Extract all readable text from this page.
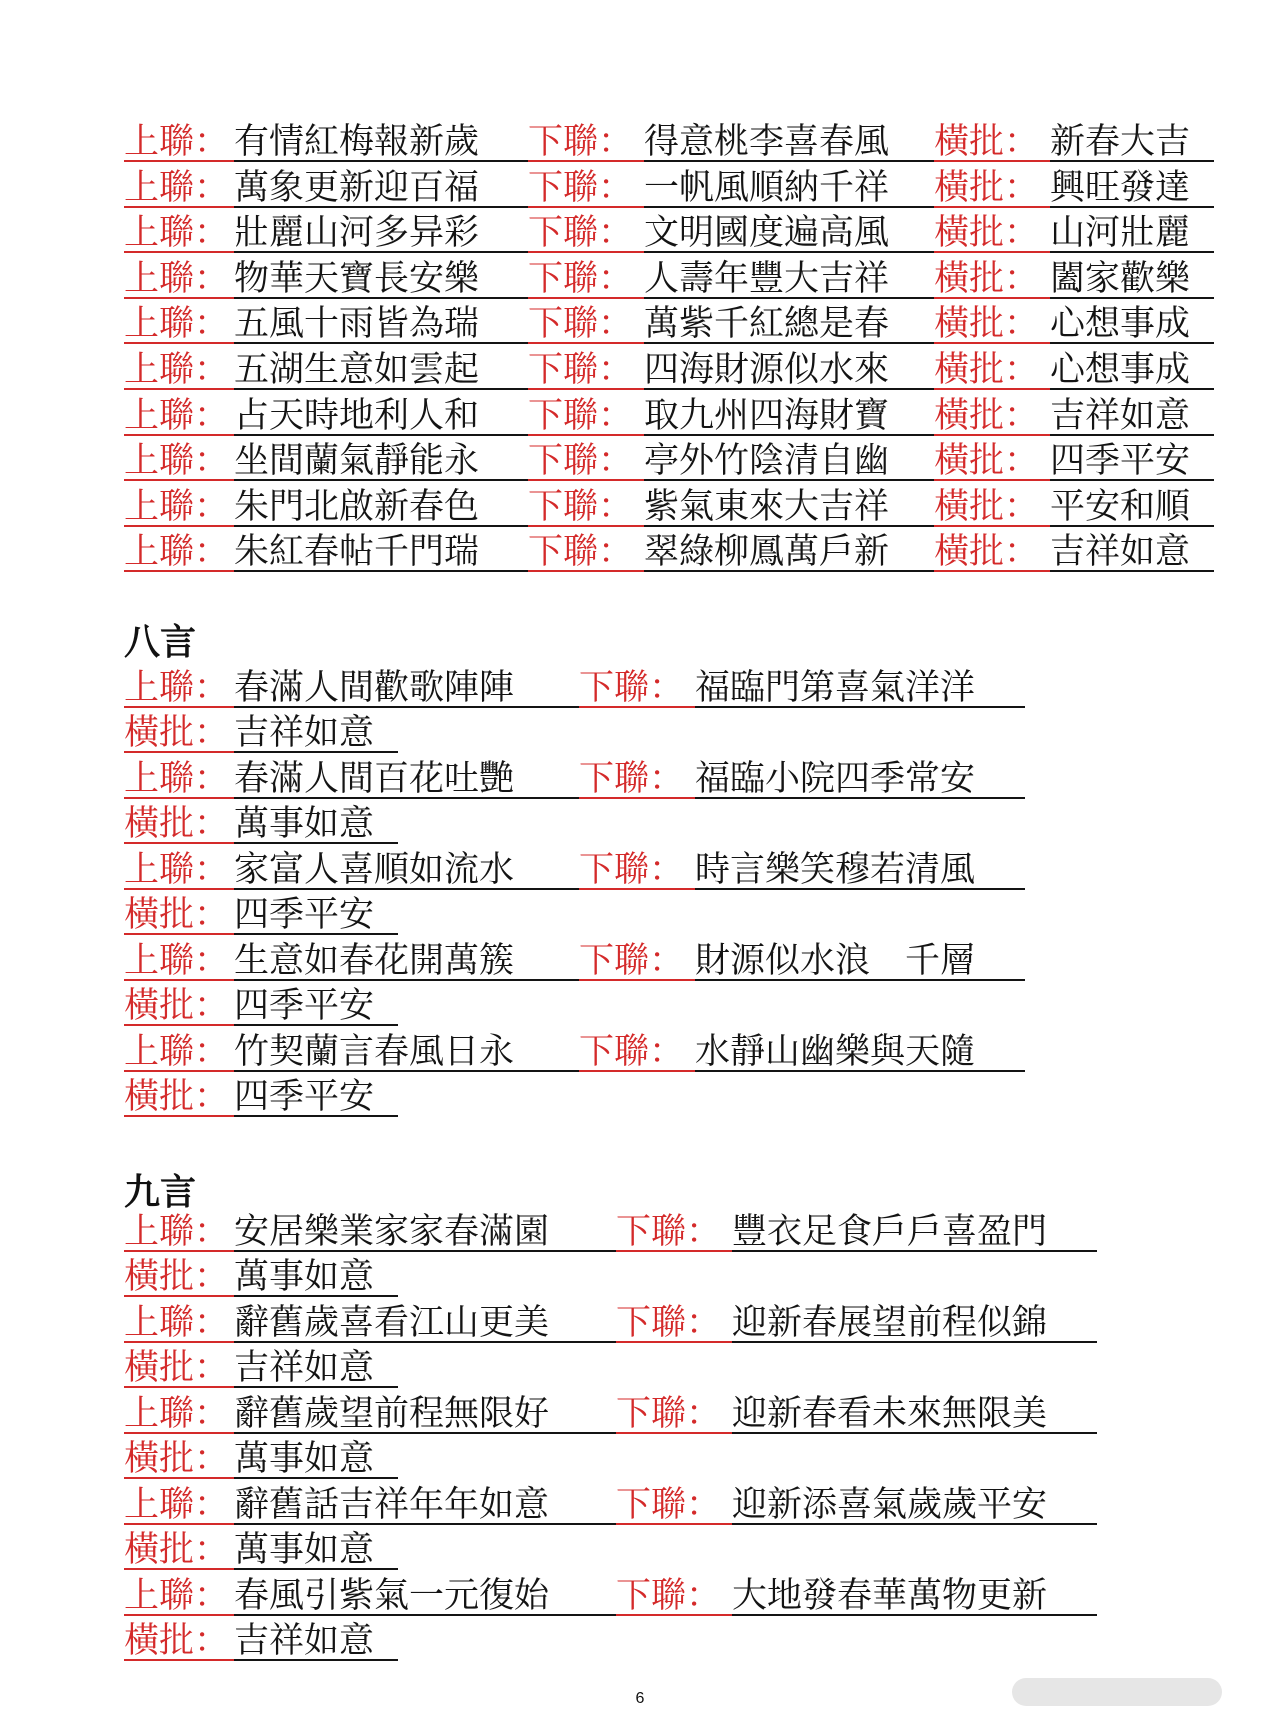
上聯： 有情紅梅報新歲	下聯： 得意桃李喜春風	橫批： 新春大吉
上聯： 萬象更新迎百福	下聯： 一帆風順納千祥	橫批： 興旺發達
上聯： 壯麗山河多异彩	下聯： 文明國度遍高風	橫批： 山河壯麗
上聯： 物華天寶長安樂	下聯： 人壽年豐大吉祥	橫批： 闔家歡樂
上聯： 五風十雨皆為瑞	下聯： 萬紫千紅總是春	橫批： 心想事成
上聯： 五湖生意如雲起	下聯： 四海財源似水來	橫批： 心想事成
上聯： 占天時地利人和	下聯： 取九州四海財寶	橫批： 吉祥如意
上聯： 坐間蘭氣靜能永	下聯： 亭外竹陰清自幽	橫批： 四季平安
上聯： 朱門北啟新春色	下聯： 紫氣東來大吉祥	橫批： 平安和順
上聯： 朱紅春帖千門瑞	下聯： 翠綠柳鳳萬戶新	橫批： 吉祥如意
八言
上聯： 春滿人間歡歌陣陣	下聯： 福臨門第喜氣洋洋
橫批： 吉祥如意
上聯： 春滿人間百花吐艷	下聯： 福臨小院四季常安
橫批： 萬事如意
上聯： 家富人喜順如流水	下聯： 時言樂笑穆若清風
橫批： 四季平安
上聯： 生意如春花開萬簇	下聯： 財源似水浪　千層
橫批： 四季平安
上聯： 竹契蘭言春風日永	下聯： 水靜山幽樂與天隨
橫批： 四季平安
九言
上聯： 安居樂業家家春滿園	下聯： 豐衣足食戶戶喜盈門
橫批： 萬事如意
上聯： 辭舊歲喜看江山更美	下聯： 迎新春展望前程似錦
橫批： 吉祥如意
上聯： 辭舊歲望前程無限好	下聯： 迎新春看未來無限美
橫批： 萬事如意
上聯： 辭舊話吉祥年年如意	下聯： 迎新添喜氣歲歲平安
橫批： 萬事如意
上聯： 春風引紫氣一元復始	下聯： 大地發春華萬物更新
橫批： 吉祥如意
6
